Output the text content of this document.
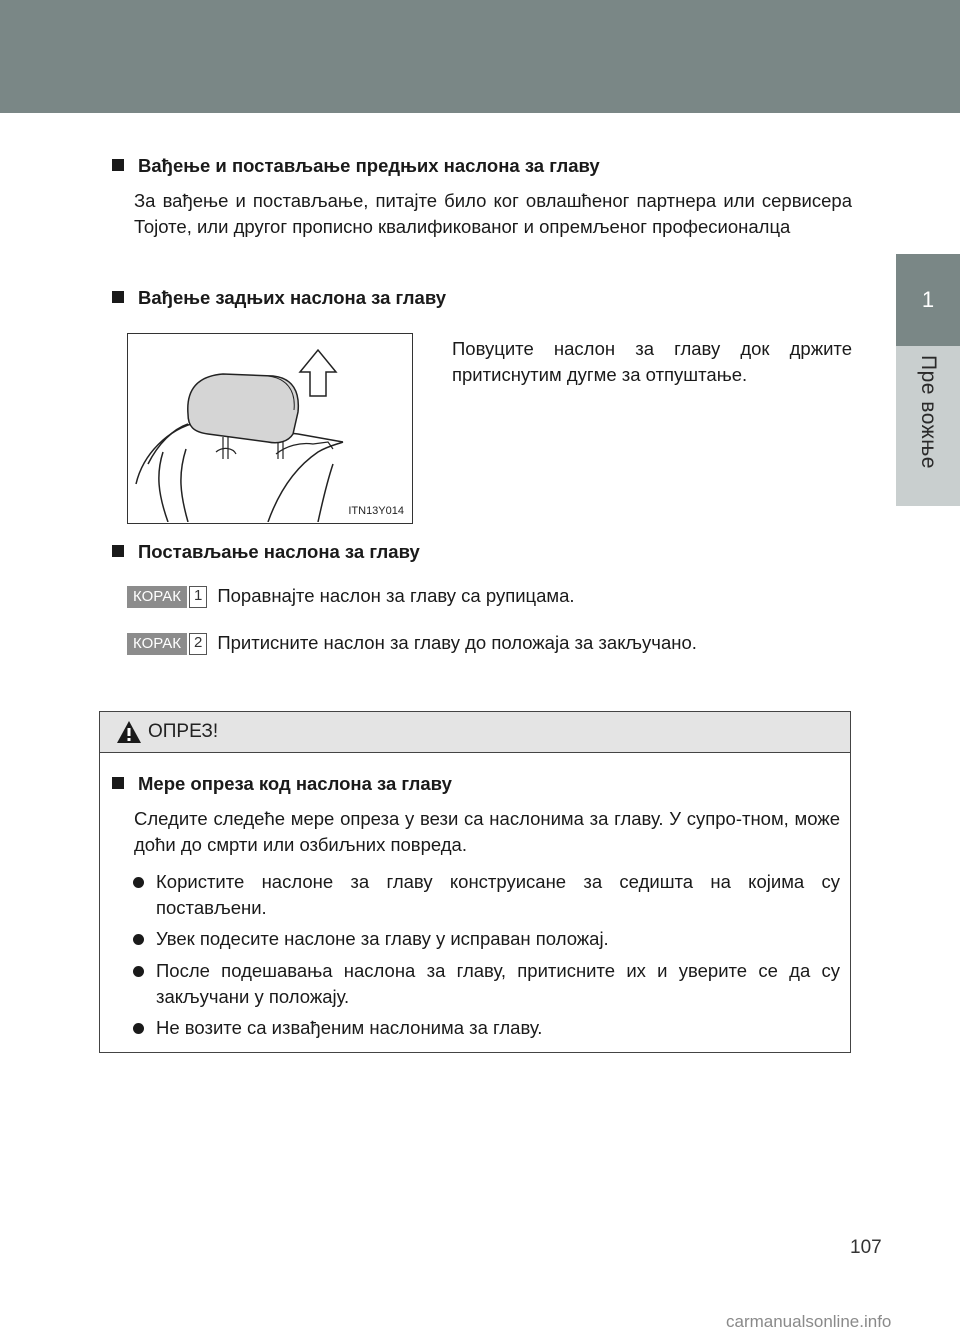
1
Пре вожње
Вађење и постављање предњих наслона за главу
За вађење и постављање, питајте било ког овлашћеног партнера или сервисера Тојоте, или другог прописно квалификованог и опремљеног професионалца
Вађење задњих наслона за главу
ITN13Y014
Повуците наслон за главу док држите притиснутим дугме за отпуштање.
Постављање наслона за главу
КОРАК 1 Поравнајте наслон за главу са рупицама.
КОРАК 2 Притисните наслон за главу до положаја за закључано.
ОПРЕЗ!
Мере опреза код наслона за главу
Следите следеће мере опреза у вези са наслонима за главу. У супро-тном, може доћи до смрти или озбиљних повреда.
Користите наслоне за главу конструисане за седишта на којима су постављени.
Увек подесите наслоне за главу у исправан положај.
После подешавања наслона за главу, притисните их и уверите се да су закључани у положају.
Не возите са извађеним наслонима за главу.
107
carmanualsonline.info
